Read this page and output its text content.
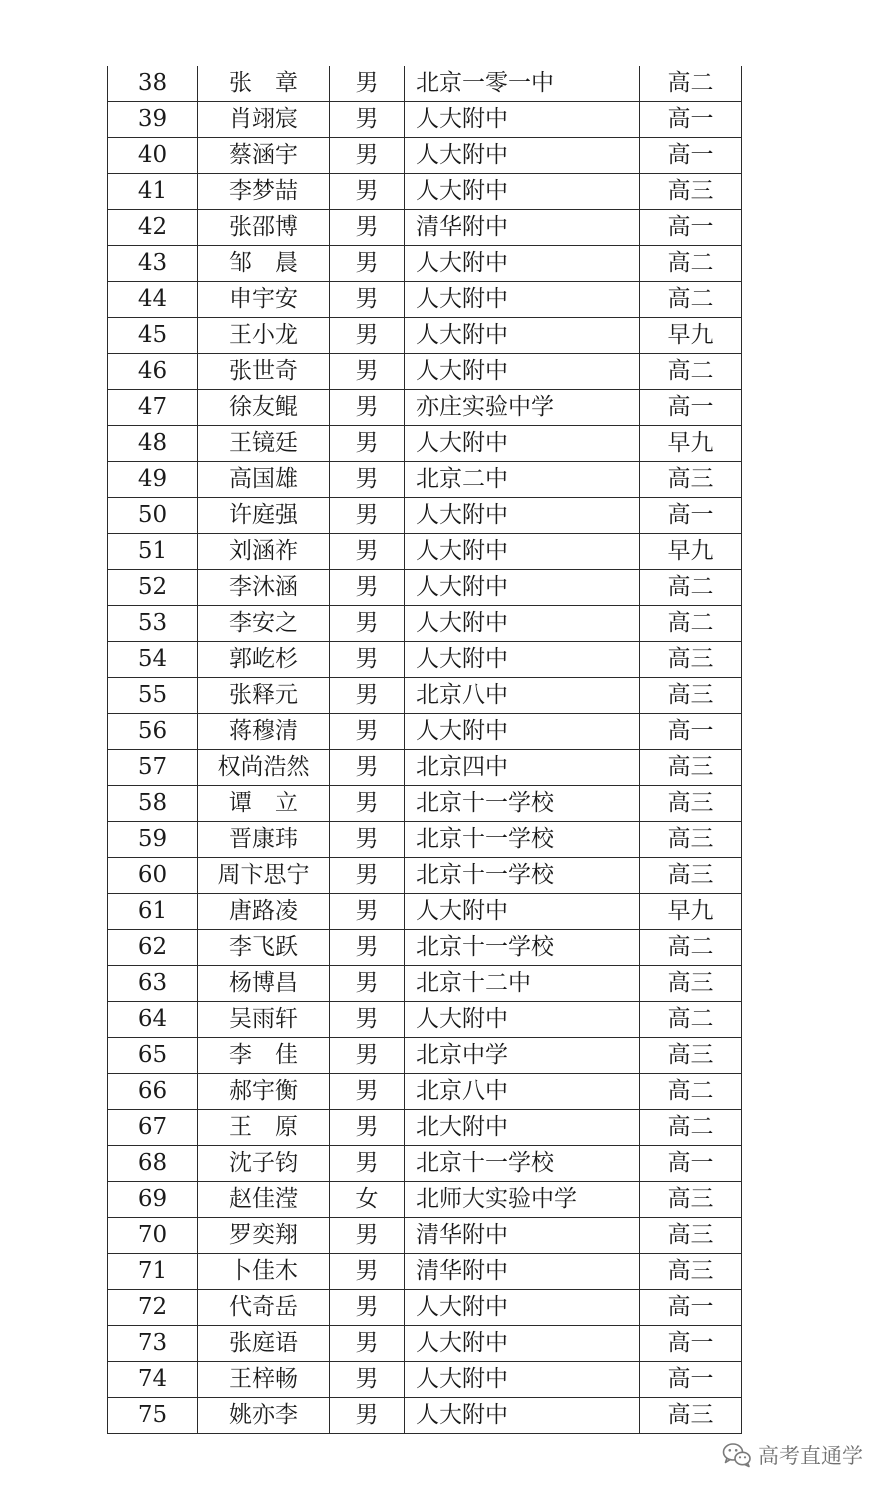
38	张　章	男	北京一零一中	高二
39	肖翊宸	男	人大附中	高一
40	蔡涵宇	男	人大附中	高一
41	李梦喆	男	人大附中	高三
42	张邵博	男	清华附中	高一
43	邹　晨	男	人大附中	高二
44	申宇安	男	人大附中	高二
45	王小龙	男	人大附中	早九
46	张世奇	男	人大附中	高二
47	徐友鲲	男	亦庄实验中学	高一
48	王镜廷	男	人大附中	早九
49	高国雄	男	北京二中	高三
50	许庭强	男	人大附中	高一
51	刘涵祚	男	人大附中	早九
52	李沐涵	男	人大附中	高二
53	李安之	男	人大附中	高二
54	郭屹杉	男	人大附中	高三
55	张释元	男	北京八中	高三
56	蒋穆清	男	人大附中	高一
57	权尚浩然	男	北京四中	高三
58	谭　立	男	北京十一学校	高三
59	晋康玮	男	北京十一学校	高三
60	周卞思宁	男	北京十一学校	高三
61	唐路凌	男	人大附中	早九
62	李飞跃	男	北京十一学校	高二
63	杨博昌	男	北京十二中	高三
64	吴雨轩	男	人大附中	高二
65	李　佳	男	北京中学	高三
66	郝宇衡	男	北京八中	高二
67	王　原	男	北大附中	高二
68	沈子钧	男	北京十一学校	高一
69	赵佳滢	女	北师大实验中学	高三
70	罗奕翔	男	清华附中	高三
71	卜佳木	男	清华附中	高三
72	代奇岳	男	人大附中	高一
73	张庭语	男	人大附中	高一
74	王梓畅	男	人大附中	高一
75	姚亦李	男	人大附中	高三
高考直通学
